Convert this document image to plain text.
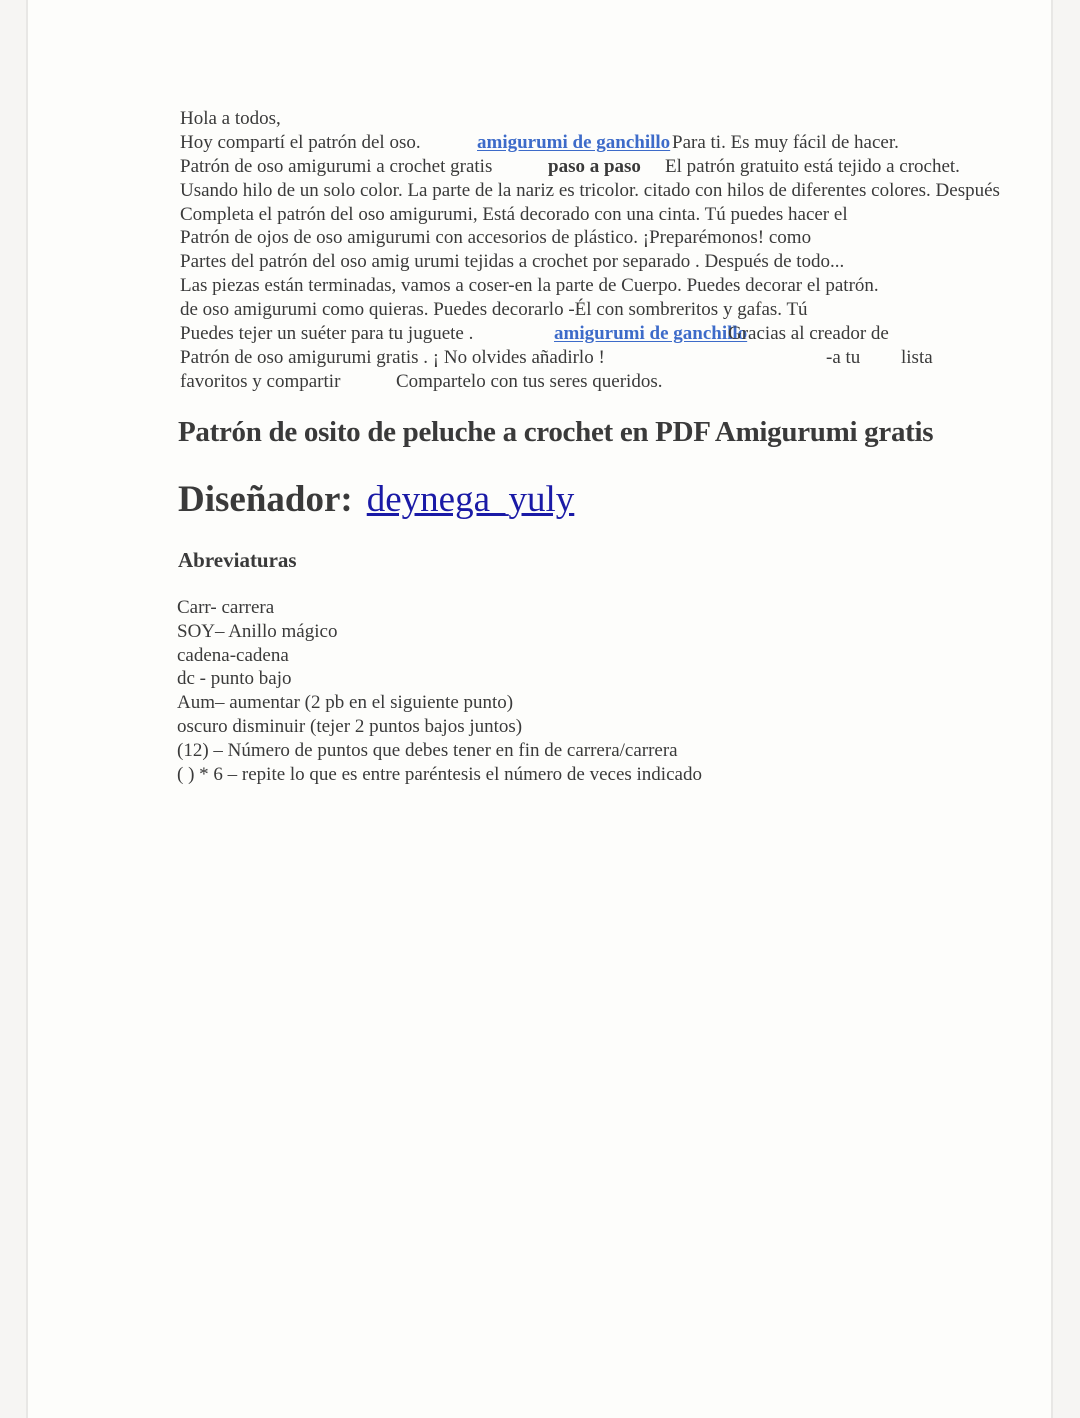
Hola a todos,
Hoy compartí el patrón del oso.	amigurumi de ganchillo Para ti. Es muy fácil de hacer.
Patrón de oso amigurumi a crochet gratis	paso a paso El patrón gratuito está tejido a crochet.
Usando hilo de un solo color. La parte de la nariz es tricolor. citado con hilos de diferentes colores. Después
Completa el patrón del oso amigurumi, Está decorado con una cinta. Tú puedes hacer el
Patrón de ojos de oso amigurumi con accesorios de plástico. ¡Preparémonos! como
Partes del patrón del oso amig urumi tejidas a crochet por separado . Después de todo...
Las piezas están terminadas, vamos a coser-en la parte de Cuerpo. Puedes decorar el patrón.
de oso amigurumi como quieras. Puedes decorarlo -Él con sombreritos y gafas. Tú
Puedes tejer un suéter para tu juguete .	amigurumi de ganchillo
Gracias al creador de
Patrón de oso amigurumi gratis . ¡ No olvides añadirlo !	-a tu lista
favoritos y compartir	Compartelo con tus seres queridos.
Patrón de osito de peluche a crochet en PDF Amigurumi gratis
Diseñador: deynega_yuly
Abreviaturas
Carr- carrera
SOY– Anillo mágico
cadena-cadena
dc - punto bajo
Aum– aumentar (2 pb en el siguiente punto)
oscuro disminuir (tejer 2 puntos bajos juntos)
(12) – Número de puntos que debes tener en fin de carrera/carrera
( ) * 6 – repite lo que es entre paréntesis el número de veces indicado
